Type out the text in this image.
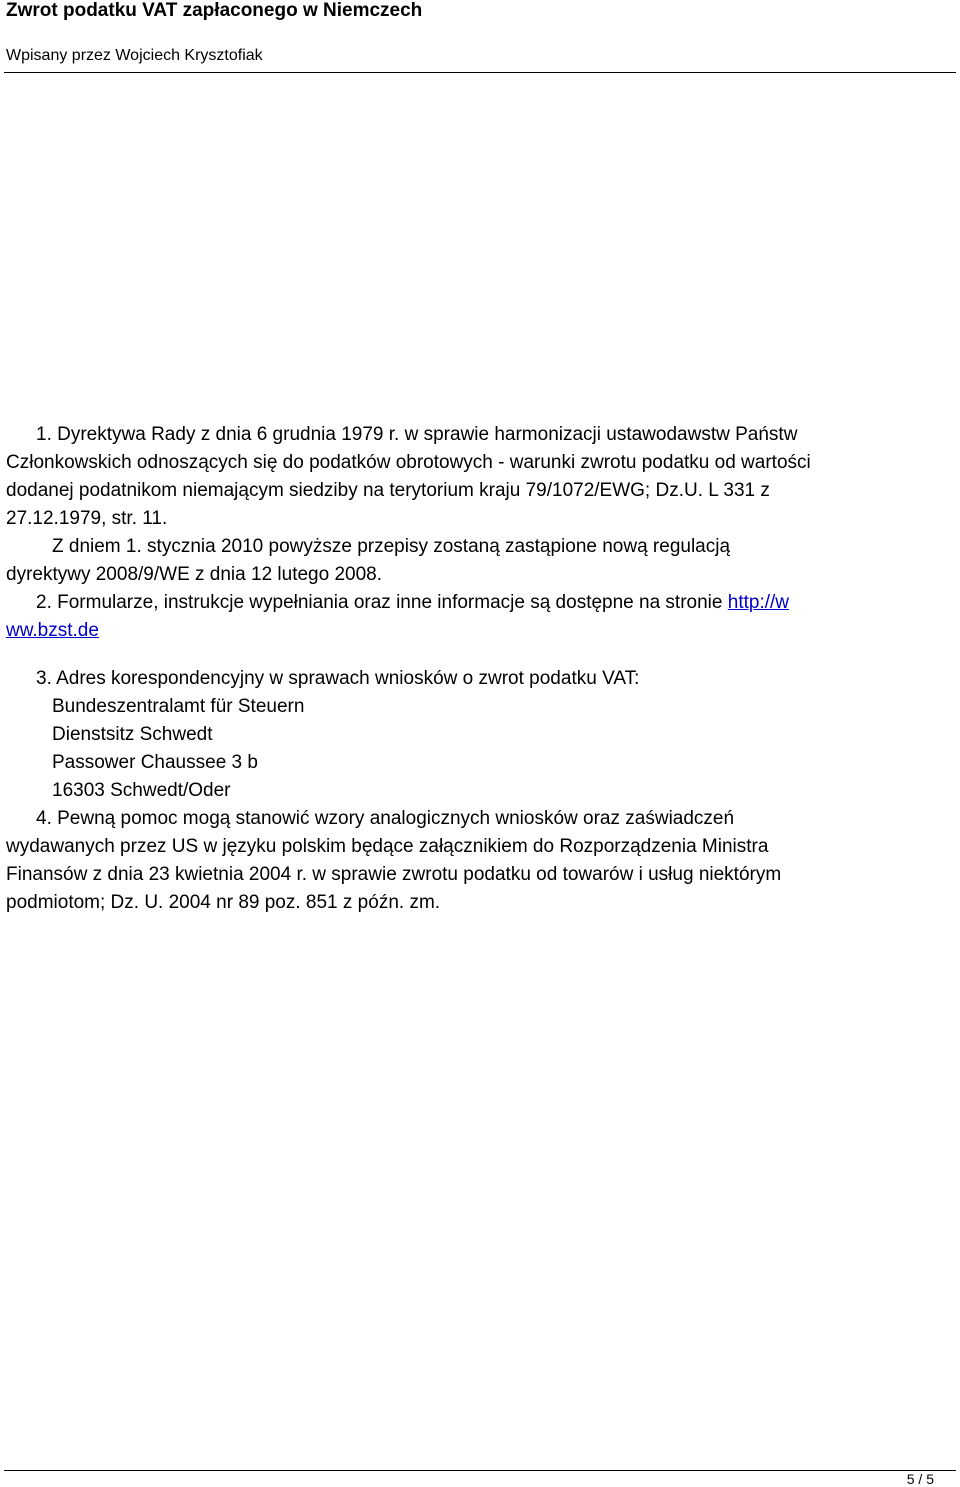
Zwrot podatku VAT zapłaconego w Niemczech

Wpisany przez Wojciech Krysztofiak

1. Dyrektywa Rady z dnia 6 grudnia 1979 r. w sprawie harmonizacji ustawodawstw Państw
Członkowskich odnoszących się do podatków obrotowych - warunki zwrotu podatku od wartości
dodanej podatnikom niemającym siedziby na terytorium kraju 79/1072/EWG; Dz.U. L 331 z
27.12.1979, str. 11.
Z dniem 1. stycznia 2010 powyższe przepisy zostaną zastąpione nową regulacją
dyrektywy 2008/9/WE z dnia 12 lutego 2008.
2. Formularze, instrukcje wypełniania oraz inne informacje są dostępne na stronie http://w
ww.bzst.de
3. Adres korespondencyjny w sprawach wniosków o zwrot podatku VAT:
Bundeszentralamt für Steuern
Dienstsitz Schwedt
Passower Chaussee 3 b
16303 Schwedt/Oder
4. Pewną pomoc mogą stanowić wzory analogicznych wniosków oraz zaświadczeń
wydawanych przez US w języku polskim będące załącznikiem do Rozporządzenia Ministra
Finansów z dnia 23 kwietnia 2004 r. w sprawie zwrotu podatku od towarów i usług niektórym
podmiotom; Dz. U. 2004 nr 89 poz. 851 z późn. zm.
5 / 5
